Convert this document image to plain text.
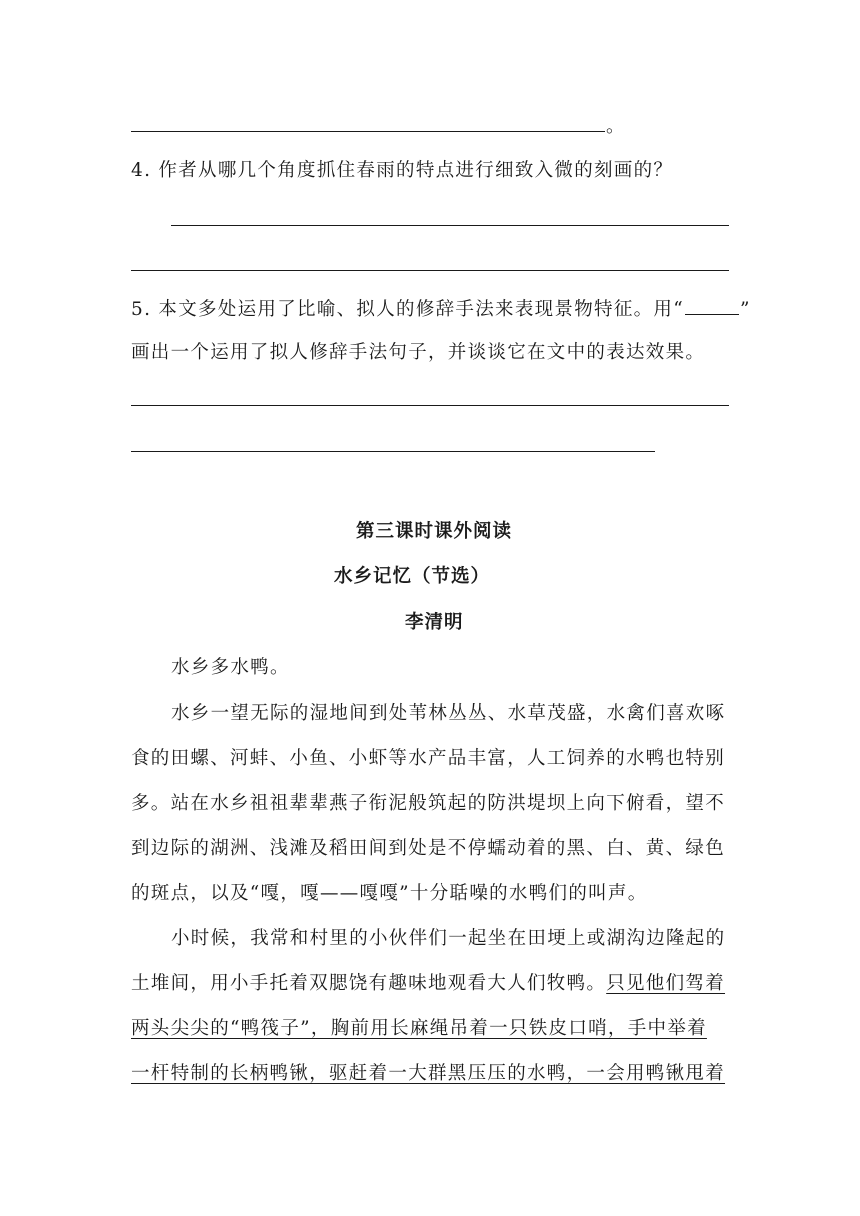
。
4. 作者从哪几个角度抓住春雨的特点进行细致入微的刻画的？
5. 本文多处运用了比喻、拟人的修辞手法来表现景物特征。用“	”
画出一个运用了拟人修辞手法句子，并谈谈它在文中的表达效果。
第三课时课外阅读
水乡记忆（节选）
李清明
水乡多水鸭。
水乡一望无际的湿地间到处苇林丛丛、水草茂盛，水禽们喜欢啄
食的田螺、河蚌、小鱼、小虾等水产品丰富，人工饲养的水鸭也特别
多。站在水乡祖祖辈辈燕子衔泥般筑起的防洪堤坝上向下俯看，望不
到边际的湖洲、浅滩及稻田间到处是不停蠕动着的黑、白、黄、绿色
的斑点，以及“嘎，嘎——嘎嘎”十分聒噪的水鸭们的叫声。
小时候，我常和村里的小伙伴们一起坐在田埂上或湖沟边隆起的
土堆间，用小手托着双腮饶有趣味地观看大人们牧鸭。只见他们驾着
两头尖尖的“鸭筏子”，胸前用长麻绳吊着一只铁皮口哨，手中举着
一杆特制的长柄鸭锹，驱赶着一大群黑压压的水鸭，一会用鸭锹甩着
